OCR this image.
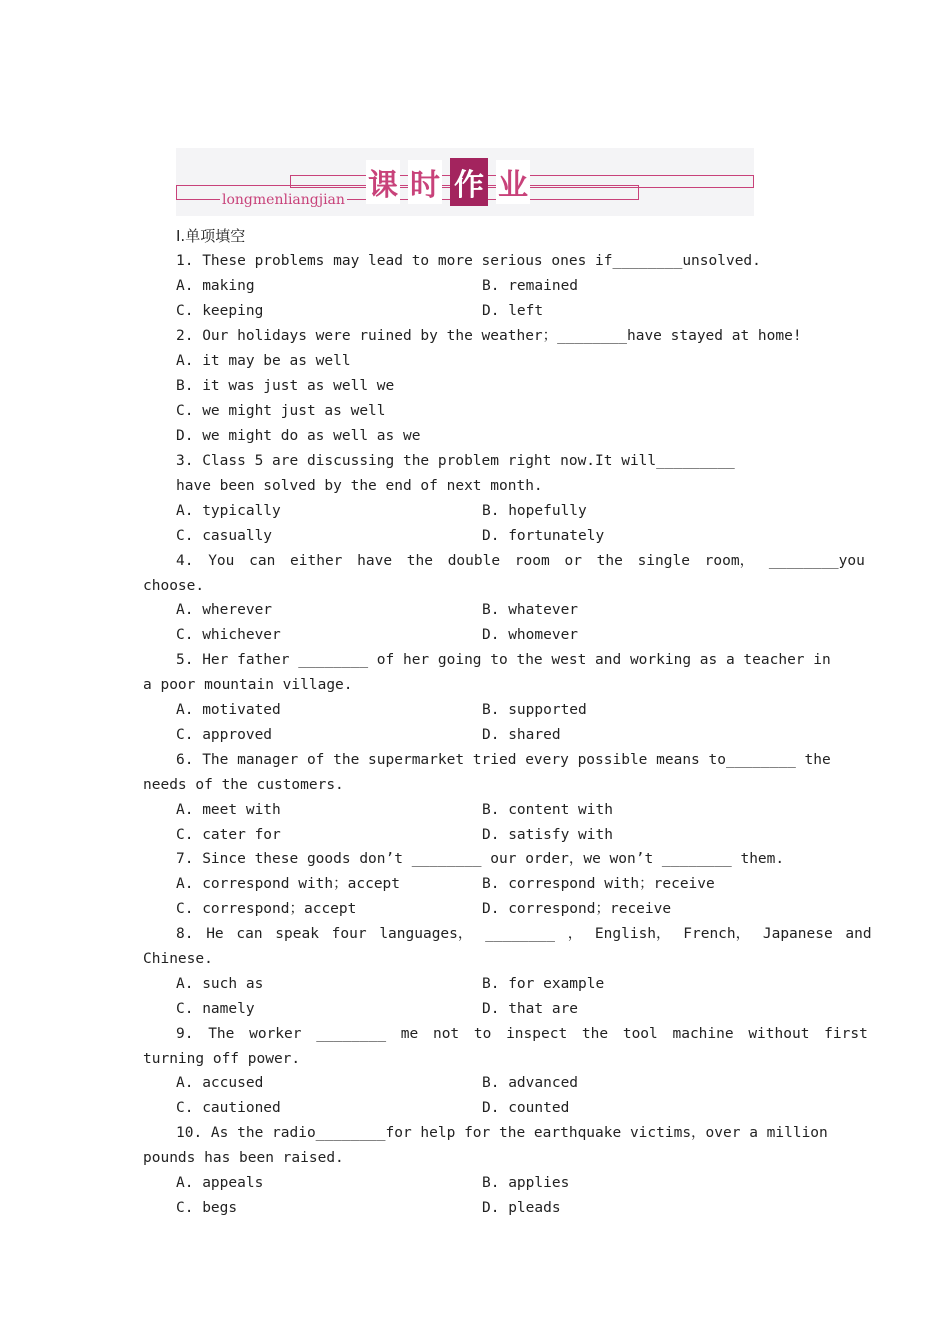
课 时 作 业
longmenliangjian
Ⅰ.单项填空
1. These problems may lead to more serious ones if________unsolved.
A. making	B. remained
C. keeping	D. left
2. Our holidays were ruined by the weather；________have stayed at home!
A. it may be as well
B. it was just as well we
C. we might just as well
D. we might do as well as we
3. Class 5 are discussing the problem right now.It will_________
have been solved by the end of next month.
A. typically	B. hopefully
C. casually	D. fortunately
4. You can either have the double room or the single room， ________you
choose.
A. wherever	B. whatever
C. whichever	D. whomever
5. Her father ________ of her going to the west and working as a teacher in
a poor mountain village.
A. motivated	B. supported
C. approved	D. shared
6. The manager of the supermarket tried every possible means to________ the
needs of the customers.
A. meet with	B. content with
C. cater for	D. satisfy with
7. Since these goods don’t ________ our order，we won’t ________ them.
A. correspond with；accept	B. correspond with；receive
C. correspond；accept	D. correspond；receive
8. He can speak four languages， ________ ， English， French， Japanese and
Chinese.
A. such as	B. for example
C. namely	D. that are
9. The worker ________ me not to inspect the tool machine without first
turning off power.
A. accused	B. advanced
C. cautioned	D. counted
10. As the radio________for help for the earthquake victims，over a million
pounds has been raised.
A. appeals	B. applies
C. begs	D. pleads
